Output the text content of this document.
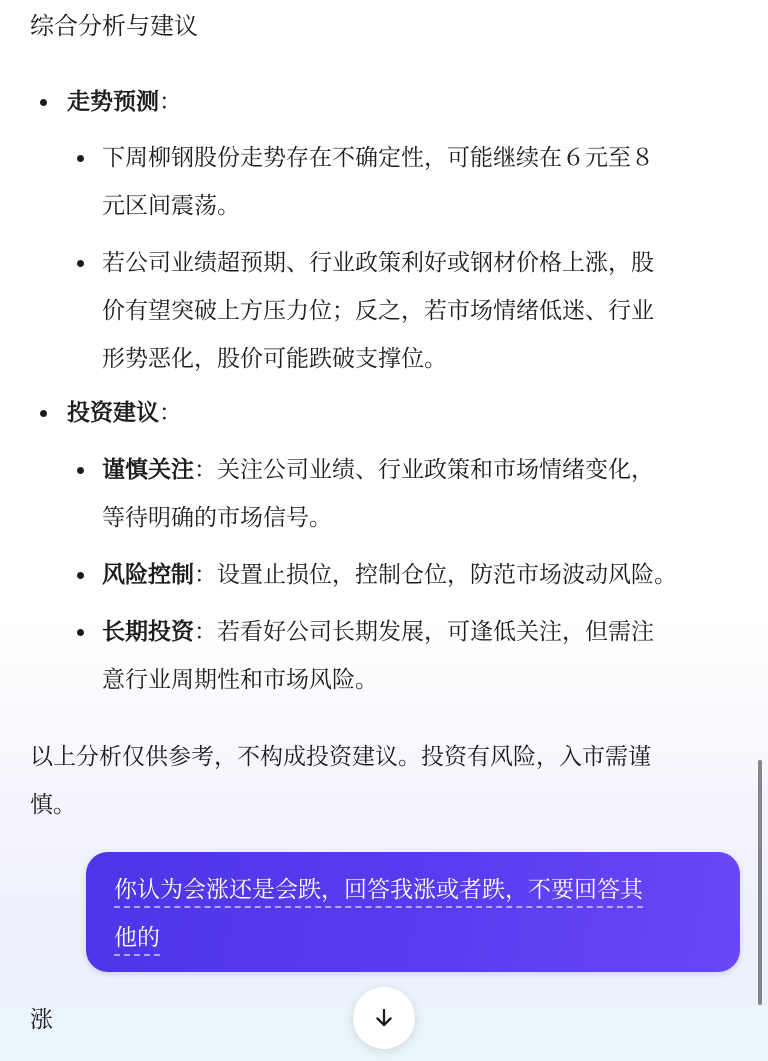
综合分析与建议
走势预测：
下周柳钢股份走势存在不确定性，可能继续在６元至８
元区间震荡。
若公司业绩超预期、行业政策利好或钢材价格上涨，股
价有望突破上方压力位；反之，若市场情绪低迷、行业
形势恶化，股价可能跌破支撑位。
投资建议：
谨慎关注：关注公司业绩、行业政策和市场情绪变化，
等待明确的市场信号。
风险控制：设置止损位，控制仓位，防范市场波动风险。
长期投资：若看好公司长期发展，可逢低关注，但需注
意行业周期性和市场风险。
以上分析仅供参考，不构成投资建议。投资有风险，入市需谨
慎。
你认为会涨还是会跌，回答我涨或者跌，不要回答其
他的
涨
